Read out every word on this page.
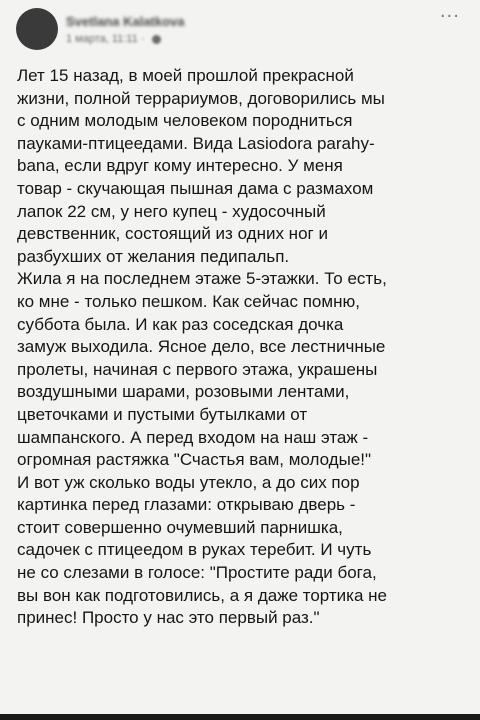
Svetlana Kalatkova
1 марта, 11:11 ·
···
Лет 15 назад, в моей прошлой прекрасной
жизни, полной террариумов, договорились мы
с одним молодым человеком породниться
пауками-птицеедами. Вида Lasiodora parahy-
bana, если вдруг кому интересно. У меня
товар - скучающая пышная дама с размахом
лапок 22 см, у него купец - худосочный
девственник, состоящий из одних ног и
разбухших от желания педипальп.
Жила я на последнем этаже 5-этажки. То есть,
ко мне - только пешком. Как сейчас помню,
суббота была. И как раз соседская дочка
замуж выходила. Ясное дело, все лестничные
пролеты, начиная с первого этажа, украшены
воздушными шарами, розовыми лентами,
цветочками и пустыми бутылками от
шампанского. А перед входом на наш этаж -
огромная растяжка "Счастья вам, молодые!"
И вот уж сколько воды утекло, а до сих пор
картинка перед глазами: открываю дверь -
стоит совершенно очумевший парнишка,
садочек с птицеедом в руках теребит. И чуть
не со слезами в голосе: "Простите ради бога,
вы вон как подготовились, а я даже тортика не
принес! Просто у нас это первый раз."
